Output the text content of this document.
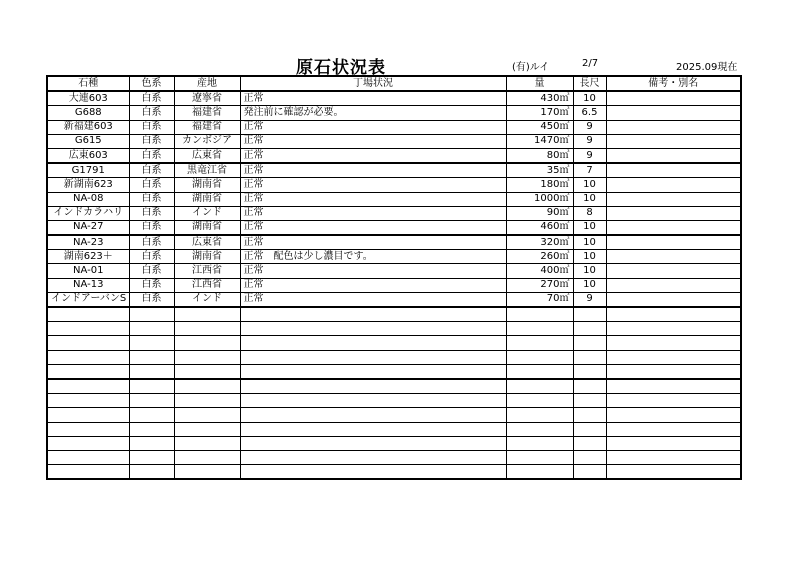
原石状況表	(有)ルイ	2/7	2025.09現在
石種	色系	産地	丁場状況	量	長尺	備考・別名
大連603	白系	遼寧省	正常	430㎥	10	
G688	白系	福建省	発注前に確認が必要。	170㎥	6.5	
新福建603	白系	福建省	正常	450㎥	9	
G615	白系	カンボジア	正常	1470㎥	9	
広東603	白系	広東省	正常	80㎥	9	
G1791	白系	黒竜江省	正常	35㎥	7	
新湖南623	白系	湖南省	正常	180㎥	10	
NA-08	白系	湖南省	正常	1000㎥	10	
インドカラハリ	白系	インド	正常	90㎥	8	
NA-27	白系	湖南省	正常	460㎥	10	
NA-23	白系	広東省	正常	320㎥	10	
湖南623＋	白系	湖南省	正常　配色は少し濃目です。	260㎥	10	
NA-01	白系	江西省	正常	400㎥	10	
NA-13	白系	江西省	正常	270㎥	10	
インドアーバンS	白系	インド	正常	70㎥	9	
